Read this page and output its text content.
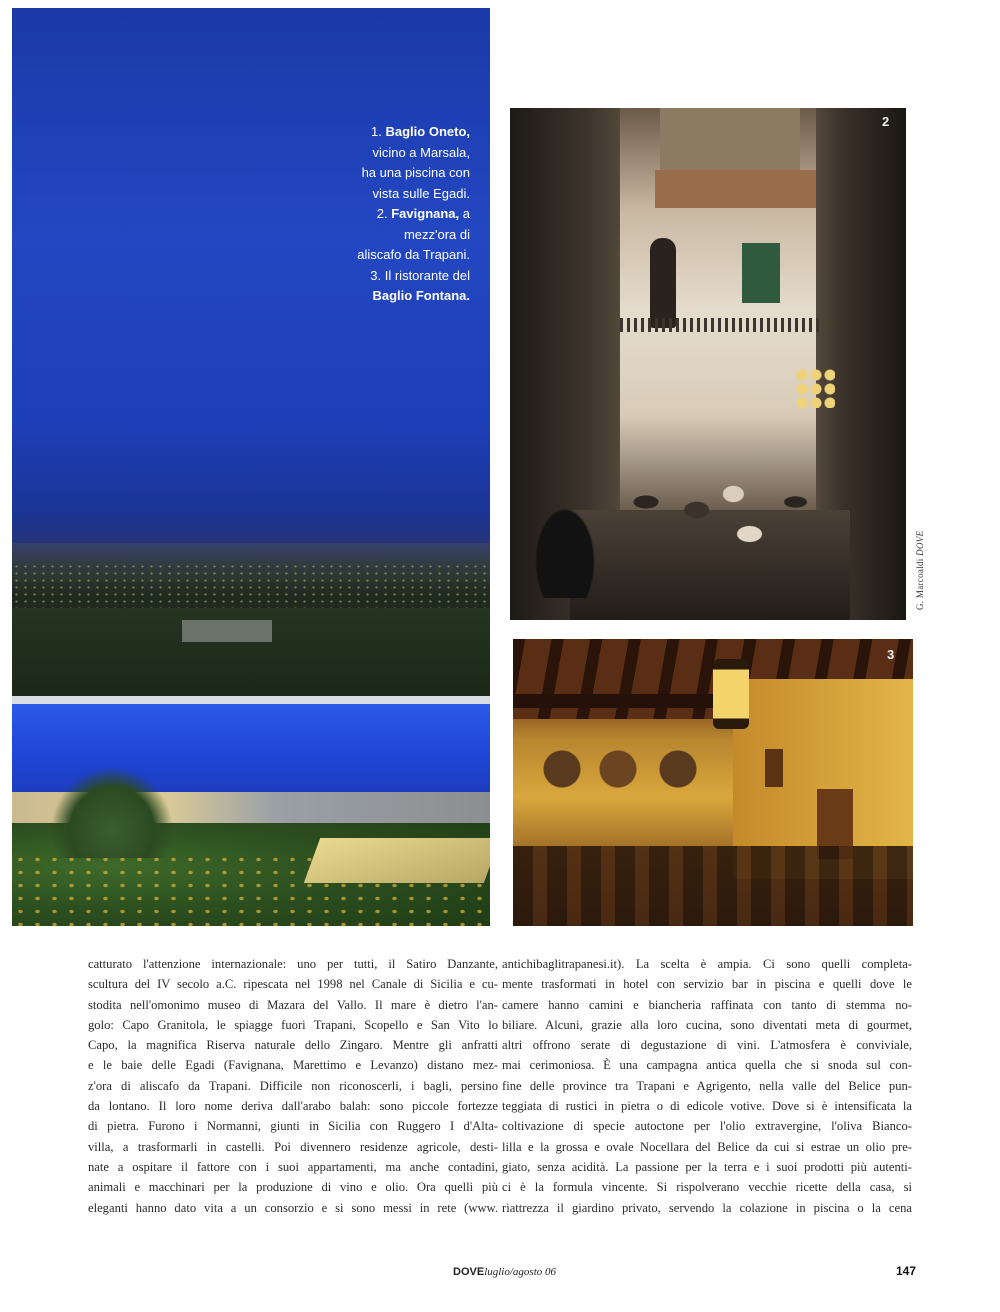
1. Baglio Oneto,
vicino a Marsala,
ha una piscina con
vista sulle Egadi.
2. Favignana, a
mezz'ora di
aliscafo da Trapani.
3. Il ristorante del
Baglio Fontana.
2
G. Marcoaldi DOVE
3
catturato l'attenzione internazionale: uno per tutti, il Satiro Danzante,
scultura del IV secolo a.C. ripescata nel 1998 nel Canale di Sicilia e cu-
stodita nell'omonimo museo di Mazara del Vallo. Il mare è dietro l'an-
golo: Capo Granitola, le spiagge fuori Trapani, Scopello e San Vito lo
Capo, la magnifica Riserva naturale dello Zingaro. Mentre gli anfratti
e le baie delle Egadi (Favignana, Marettimo e Levanzo) distano mez-
z'ora di aliscafo da Trapani. Difficile non riconoscerli, i bagli, persino
da lontano. Il loro nome deriva dall'arabo balah: sono piccole fortezze
di pietra. Furono i Normanni, giunti in Sicilia con Ruggero I d'Alta-
villa, a trasformarli in castelli. Poi divennero residenze agricole, desti-
nate a ospitare il fattore con i suoi appartamenti, ma anche contadini,
animali e macchinari per la produzione di vino e olio. Ora quelli più
eleganti hanno dato vita a un consorzio e si sono messi in rete (www.
antichibaglitrapanesi.it). La scelta è ampia. Ci sono quelli completa-
mente trasformati in hotel con servizio bar in piscina e quelli dove le
camere hanno camini e biancheria raffinata con tanto di stemma no-
biliare. Alcuni, grazie alla loro cucina, sono diventati meta di gourmet,
altri offrono serate di degustazione di vini. L'atmosfera è conviviale,
mai cerimoniosa. È una campagna antica quella che si snoda sul con-
fine delle province tra Trapani e Agrigento, nella valle del Belice pun-
teggiata di rustici in pietra o di edicole votive. Dove si è intensificata la
coltivazione di specie autoctone per l'olio extravergine, l'oliva Bianco-
lilla e la grossa e ovale Nocellara del Belice da cui si estrae un olio pre-
giato, senza acidità. La passione per la terra e i suoi prodotti più autenti-
ci è la formula vincente. Si rispolverano vecchie ricette della casa, si
riattrezza il giardino privato, servendo la colazione in piscina o la cena
DOVEluglio/agosto 06	147
